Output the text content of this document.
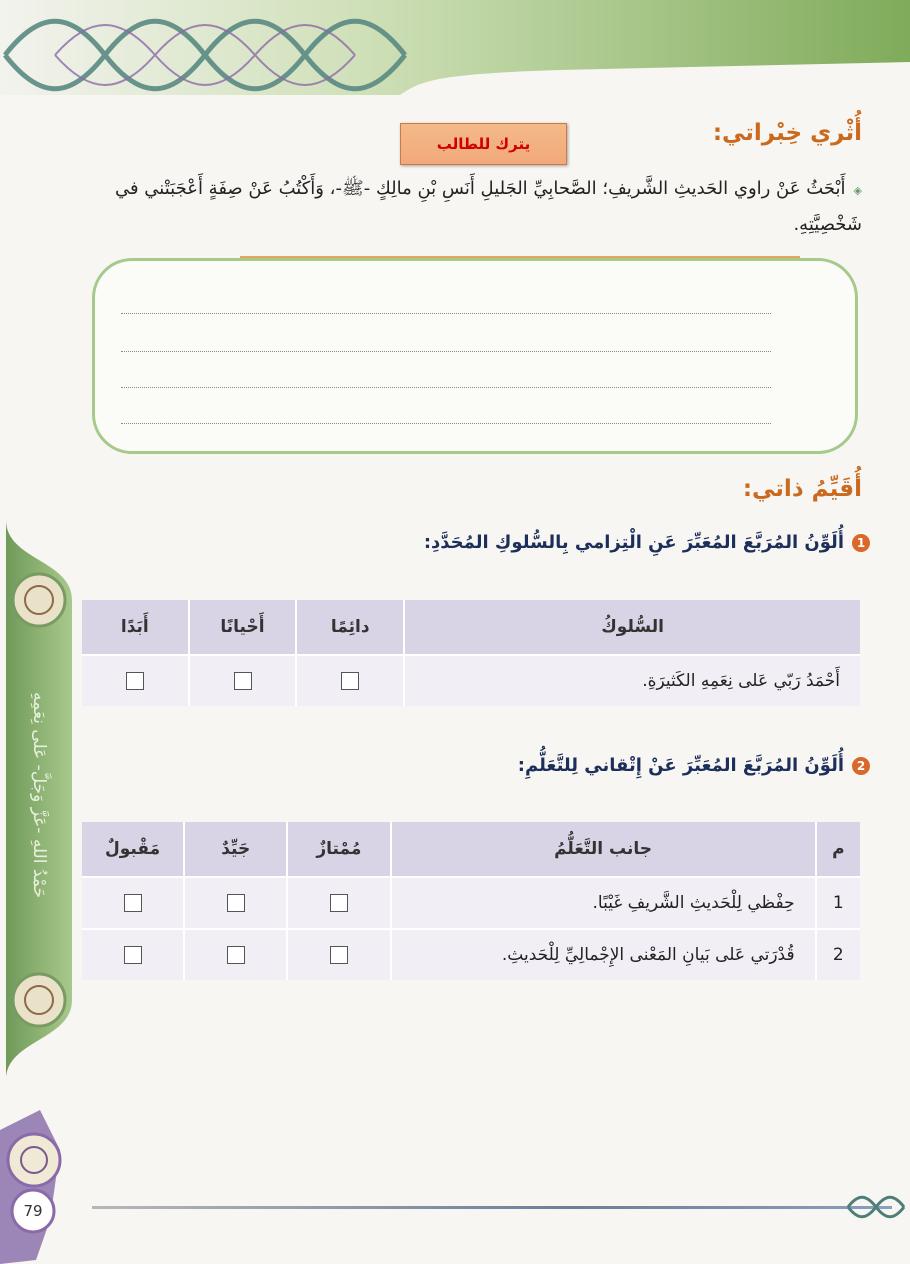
حَمْدُ اللهِ -عَزَّ وَجَلَّ- عَلى نِعَمِهِ
79
أُثْري خِبْراتي:
يترك للطالب
◈أَبْحَثُ عَنْ راوي الحَديثِ الشَّريفِ؛ الصَّحابِيِّ الجَليلِ أَنَسِ بْنِ مالِكٍ -ﷺ-، وَأَكْتُبُ عَنْ صِفَةٍ أَعْجَبَتْني في شَخْصِيَّتِهِ.
أُقَيِّمُ ذاتي:
1أُلَوِّنُ المُرَبَّعَ المُعَبِّرَ عَنِ الْتِزامي بِالسُّلوكِ المُحَدَّدِ:
السُّلوكُ	دائِمًا	أَحْيانًا	أَبَدًا
أَحْمَدُ رَبّي عَلى نِعَمِهِ الكَثيرَةِ.			
2أُلَوِّنُ المُرَبَّعَ المُعَبِّرَ عَنْ إِتْقاني لِلتَّعَلُّمِ:
م	جانب التَّعَلُّمُ	مُمْتازٌ	جَيِّدٌ	مَقْبولٌ
1	حِفْظي لِلْحَديثِ الشَّريفِ غَيْبًا.			
2	قُدْرَتي عَلى بَيانِ المَعْنى الإِجْمالِيِّ لِلْحَديثِ.			
